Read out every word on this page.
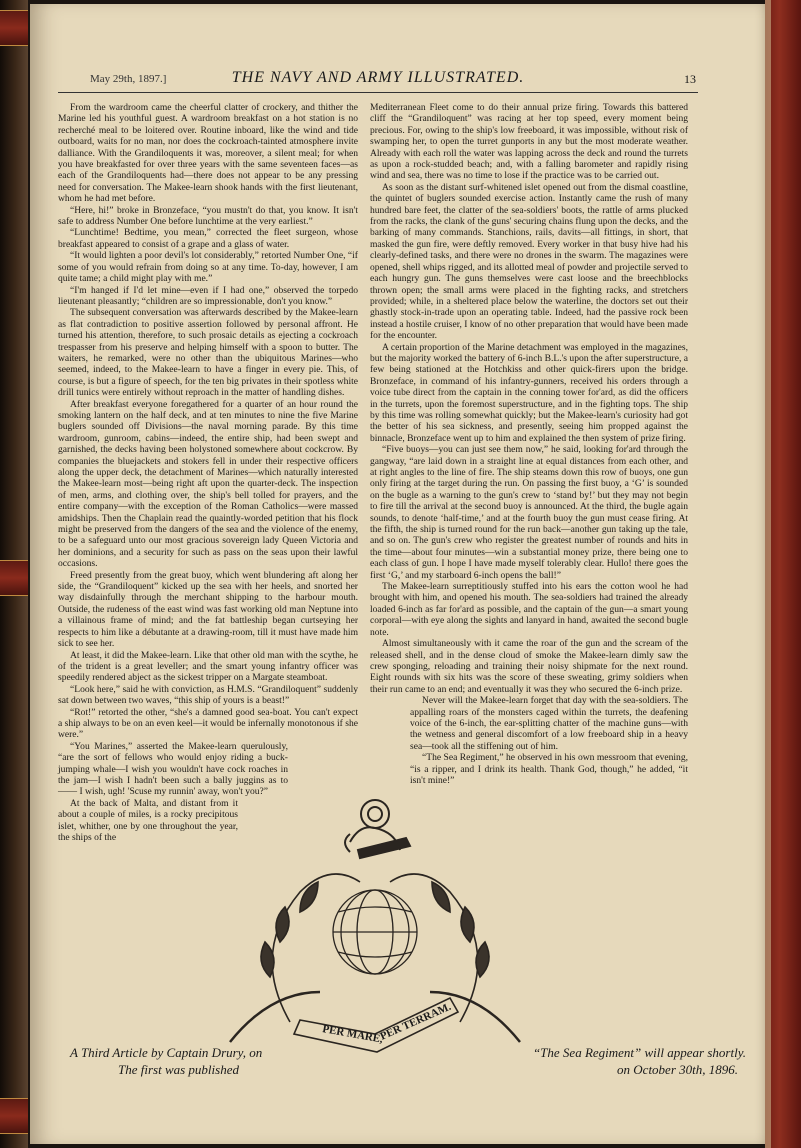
May 29th, 1897.]	THE NAVY AND ARMY ILLUSTRATED.	13

From the wardroom came the cheerful clatter of crockery, and thither the Marine led his youthful guest. A wardroom breakfast on a hot station is no recherché meal to be loitered over. Routine inboard, like the wind and tide outboard, waits for no man, nor does the cockroach-tainted atmosphere invite dalliance. With the Grandiloquents it was, moreover, a silent meal; for when you have breakfasted for over three years with the same seventeen faces—as each of the Grandiloquents had—there does not appear to be any pressing need for conversation. The Makee-learn shook hands with the first lieutenant, whom he had met before.

“Here, hi!” broke in Bronzeface, “you mustn't do that, you know. It isn't safe to address Number One before lunchtime at the very earliest.”

“Lunchtime! Bedtime, you mean,” corrected the fleet surgeon, whose breakfast appeared to consist of a grape and a glass of water.

“It would lighten a poor devil's lot considerably,” retorted Number One, “if some of you would refrain from doing so at any time. To-day, however, I am quite tame; a child might play with me.”

“I'm hanged if I'd let mine—even if I had one,” observed the torpedo lieutenant pleasantly; “children are so impressionable, don't you know.”

The subsequent conversation was afterwards described by the Makee-learn as flat contradiction to positive assertion followed by personal affront. He turned his attention, therefore, to such prosaic details as ejecting a cockroach trespasser from his preserve and helping himself with a spoon to butter. The waiters, he remarked, were no other than the ubiquitous Marines—who seemed, indeed, to the Makee-learn to have a finger in every pie. This, of course, is but a figure of speech, for the ten big privates in their spotless white drill tunics were entirely without reproach in the matter of handling dishes.

After breakfast everyone foregathered for a quarter of an hour round the smoking lantern on the half deck, and at ten minutes to nine the five Marine buglers sounded off Divisions—the naval morning parade. By this time wardroom, gunroom, cabins—indeed, the entire ship, had been swept and garnished, the decks having been holystoned somewhere about cockcrow. By companies the bluejackets and stokers fell in under their respective officers along the upper deck, the detachment of Marines—which naturally interested the Makee-learn most—being right aft upon the quarter-deck. The inspection of men, arms, and clothing over, the ship's bell tolled for prayers, and the entire company—with the exception of the Roman Catholics—were massed amidships. Then the Chaplain read the quaintly-worded petition that his flock might be preserved from the dangers of the sea and the violence of the enemy, to be a safeguard unto our most gracious sovereign lady Queen Victoria and her dominions, and a security for such as pass on the seas upon their lawful occasions.

Freed presently from the great buoy, which went blundering aft along her side, the “Grandiloquent” kicked up the sea with her heels, and snorted her way disdainfully through the merchant shipping to the harbour mouth. Outside, the rudeness of the east wind was fast working old man Neptune into a villainous frame of mind; and the fat battleship began curtseying her respects to him like a débutante at a drawing-room, till it must have made him sick to see her.

At least, it did the Makee-learn. Like that other old man with the scythe, he of the trident is a great leveller; and the smart young infantry officer was speedily rendered abject as the sickest tripper on a Margate steamboat.

“Look here,” said he with conviction, as H.M.S. “Grandiloquent” suddenly sat down between two waves, “this ship of yours is a beast!”

“Rot!” retorted the other, “she's a damned good sea-boat. You can't expect a ship always to be on an even keel—it would be infernally monotonous if she were.”

“You Marines,” asserted the Makee-learn querulously, “are the sort of fellows who would enjoy riding a buck-jumping whale—I wish you wouldn't have cock roaches in the jam—I wish I hadn't been such a bally juggins as to —— I wish, ugh! 'Scuse my runnin' away, won't you?”

At the back of Malta, and distant from it about a couple of miles, is a rocky precipitous islet, whither, one by one throughout the year, the ships of the

Mediterranean Fleet come to do their annual prize firing. Towards this battered cliff the “Grandiloquent” was racing at her top speed, every moment being precious. For, owing to the ship's low freeboard, it was impossible, without risk of swamping her, to open the turret gunports in any but the most moderate weather. Already with each roll the water was lapping across the deck and round the turrets as upon a rock-studded beach; and, with a falling barometer and rapidly rising wind and sea, there was no time to lose if the practice was to be carried out.

As soon as the distant surf-whitened islet opened out from the dismal coastline, the quintet of buglers sounded exercise action. Instantly came the rush of many hundred bare feet, the clatter of the sea-soldiers' boots, the rattle of arms plucked from the racks, the clank of the guns' securing chains flung upon the decks, and the barking of many commands. Stanchions, rails, davits—all fittings, in short, that masked the gun fire, were deftly removed. Every worker in that busy hive had his clearly-defined tasks, and there were no drones in the swarm. The magazines were opened, shell whips rigged, and its allotted meal of powder and projectile served to each hungry gun. The guns themselves were cast loose and the breechblocks thrown open; the small arms were placed in the fighting racks, and stretchers provided; while, in a sheltered place below the waterline, the doctors set out their ghastly stock-in-trade upon an operating table. Indeed, had the passive rock been instead a hostile cruiser, I know of no other preparation that would have been made for the encounter.

A certain proportion of the Marine detachment was employed in the magazines, but the majority worked the battery of 6-inch B.L.'s upon the after superstructure, a few being stationed at the Hotchkiss and other quick-firers upon the bridge. Bronzeface, in command of his infantry-gunners, received his orders through a voice tube direct from the captain in the conning tower for'ard, as did the officers in the turrets, upon the foremost superstructure, and in the fighting tops. The ship by this time was rolling somewhat quickly; but the Makee-learn's curiosity had got the better of his sea sickness, and presently, seeing him propped against the binnacle, Bronzeface went up to him and explained the then system of prize firing.

“Five buoys—you can just see them now,” he said, looking for'ard through the gangway, “are laid down in a straight line at equal distances from each other, and at right angles to the line of fire. The ship steams down this row of buoys, one gun only firing at the target during the run. On passing the first buoy, a ‘G’ is sounded on the bugle as a warning to the gun's crew to ‘stand by!’ but they may not begin to fire till the arrival at the second buoy is announced. At the third, the bugle again sounds, to denote ‘half-time,’ and at the fourth buoy the gun must cease firing. At the fifth, the ship is turned round for the run back—another gun taking up the tale, and so on. The gun's crew who register the greatest number of rounds and hits in the time—about four minutes—win a substantial money prize, there being one to each class of gun. I hope I have made myself tolerably clear. Hullo! there goes the first ‘G,’ and my starboard 6-inch opens the ball!”

The Makee-learn surreptitiously stuffed into his ears the cotton wool he had brought with him, and opened his mouth. The sea-soldiers had trained the already loaded 6-inch as far for'ard as possible, and the captain of the gun—a smart young corporal—with eye along the sights and lanyard in hand, awaited the second bugle note.

Almost simultaneously with it came the roar of the gun and the scream of the released shell, and in the dense cloud of smoke the Makee-learn dimly saw the crew sponging, reloading and training their noisy shipmate for the next round. Eight rounds with six hits was the score of these sweating, grimy soldiers when their run came to an end; and eventually it was they who secured the 6-inch prize.

Never will the Makee-learn forget that day with the sea-soldiers. The appalling roars of the monsters caged within the turrets, the deafening voice of the 6-inch, the ear-splitting chatter of the machine guns—with the wetness and general discomfort of a low freeboard ship in a heavy sea—took all the stiffening out of him.

“The Sea Regiment,” he observed in his own messroom that evening, “is a ripper, and I drink its health. Thank God, though,” he added, “it isn't mine!”

PER MARE,
PER TERRAM.
A Third Article by Captain Drury, on
The first was published
“The Sea Regiment” will appear shortly.
on October 30th, 1896.
